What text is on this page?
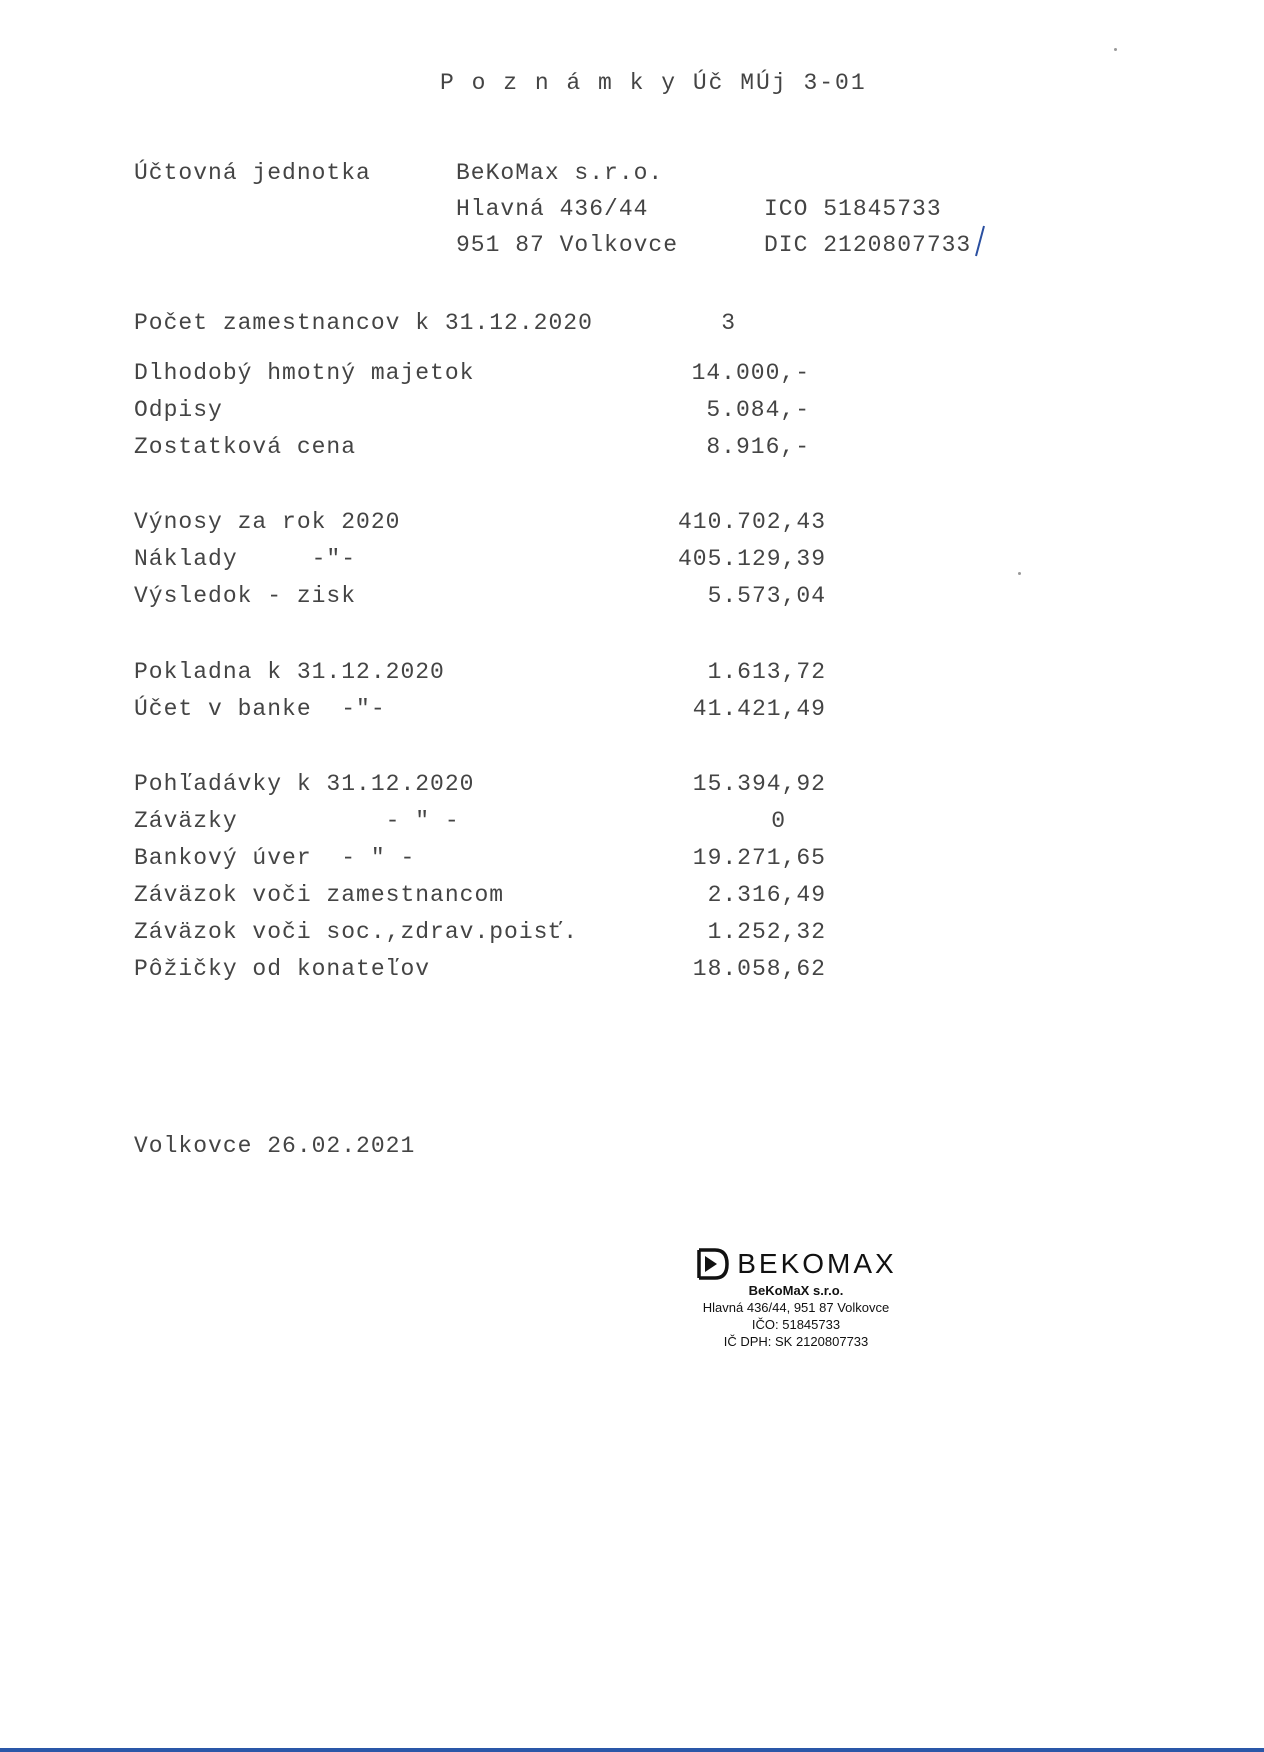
P o z n á m k y Úč MÚj 3-01
Účtovná jednotka	BeKoMax s.r.o.
Hlavná 436/44	ICO 51845733
951 87 Volkovce	DIC 2120807733
Počet zamestnancov k 31.12.2020	3
Dlhodobý hmotný majetok	14.000,-
Odpisy	5.084,-
Zostatková cena	8.916,-
Výnosy za rok 2020	410.702,43
Náklady     -"-	405.129,39
Výsledok - zisk	5.573,04
Pokladna k 31.12.2020	1.613,72
Účet v banke  -"-	41.421,49
Pohľadávky k 31.12.2020	15.394,92
Záväzky          - " -	0
Bankový úver  - " -	19.271,65
Záväzok voči zamestnancom	2.316,49
Záväzok voči soc.,zdrav.poisť.	1.252,32
Pôžičky od konateľov	18.058,62
Volkovce 26.02.2021
BEKOMAX
BeKoMaX s.r.o.
Hlavná 436/44, 951 87 Volkovce
IČO: 51845733
IČ DPH: SK 2120807733
